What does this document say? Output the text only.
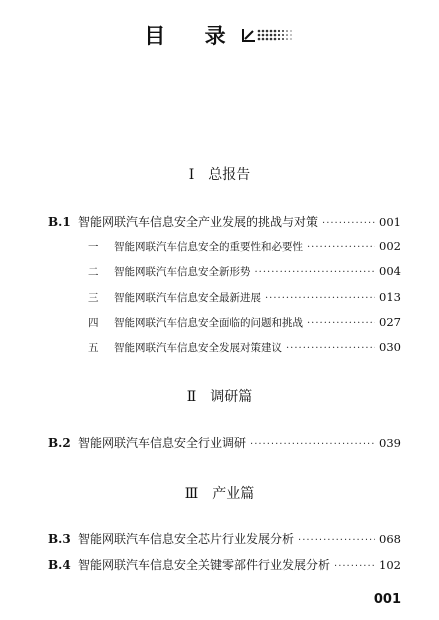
目 录
Ⅰ 总报告
B.1 智能网联汽车信息安全产业发展的挑战与对策 ·····	001
一	智能网联汽车信息安全的重要性和必要性 ·····	002
二	智能网联汽车信息安全新形势 ·····	004
三	智能网联汽车信息安全最新进展 ·····	013
四	智能网联汽车信息安全面临的问题和挑战 ·····	027
五	智能网联汽车信息安全发展对策建议 ·····	030
Ⅱ 调研篇
B.2 智能网联汽车信息安全行业调研 ·····	039
Ⅲ 产业篇
B.3 智能网联汽车信息安全芯片行业发展分析 ·····	068
B.4 智能网联汽车信息安全关键零部件行业发展分析 ·····	102
001
